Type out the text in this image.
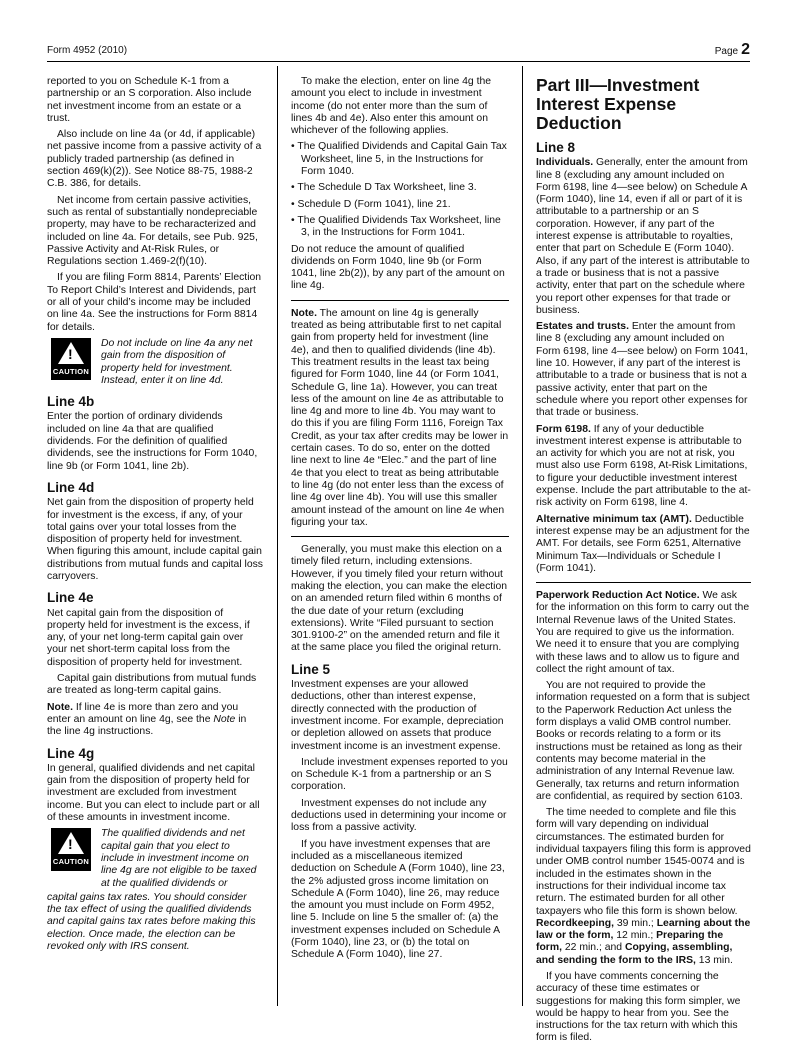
Form 4952 (2010)	Page 2

reported to you on Schedule K-1 from a partnership or an S corporation. Also include net investment income from an estate or a trust.

Also include on line 4a (or 4d, if applicable) net passive income from a passive activity of a publicly traded partnership (as defined in section 469(k)(2)). See Notice 88-75, 1988-2 C.B. 386, for details.

Net income from certain passive activities, such as rental of substantially nondepreciable property, may have to be recharacterized and included on line 4a. For details, see Pub. 925, Passive Activity and At-Risk Rules, or Regulations section 1.469-2(f)(10).

If you are filing Form 8814, Parents’ Election To Report Child’s Interest and Dividends, part or all of your child’s income may be included on line 4a. See the instructions for Form 8814 for details.

!
CAUTION
Do not include on line 4a any net gain from the disposition of property held for investment. Instead, enter it on line 4d.
Line 4b

Enter the portion of ordinary dividends included on line 4a that are qualified dividends. For the definition of qualified dividends, see the instructions for Form 1040, line 9b (or Form 1041, line 2b).

Line 4d

Net gain from the disposition of property held for investment is the excess, if any, of your total gains over your total losses from the disposition of property held for investment. When figuring this amount, include capital gain distributions from mutual funds and capital loss carryovers.

Line 4e

Net capital gain from the disposition of property held for investment is the excess, if any, of your net long-term capital gain over your net short-term capital loss from the disposition of property held for investment.

Capital gain distributions from mutual funds are treated as long-term capital gains.

Note. If line 4e is more than zero and you enter an amount on line 4g, see the Note in the line 4g instructions.

Line 4g

In general, qualified dividends and net capital gain from the disposition of property held for investment are excluded from investment income. But you can elect to include part or all of these amounts in investment income.

!
CAUTION
The qualified dividends and net capital gain that you elect to include in investment income on line 4g are not eligible to be taxed at the qualified dividends or

capital gains tax rates. You should consider the tax effect of using the qualified dividends and capital gains tax rates before making this election. Once made, the election can be revoked only with IRS consent.

To make the election, enter on line 4g the amount you elect to include in investment income (do not enter more than the sum of lines 4b and 4e). Also enter this amount on whichever of the following applies.

• The Qualified Dividends and Capital Gain Tax Worksheet, line 5, in the Instructions for Form 1040.
• The Schedule D Tax Worksheet, line 3.
• Schedule D (Form 1041), line 21.
• The Qualified Dividends Tax Worksheet, line 3, in the Instructions for Form 1041.

Do not reduce the amount of qualified dividends on Form 1040, line 9b (or Form 1041, line 2b(2)), by any part of the amount on line 4g.

Note. The amount on line 4g is generally treated as being attributable first to net capital gain from property held for investment (line 4e), and then to qualified dividends (line 4b). This treatment results in the least tax being figured for Form 1040, line 44 (or Form 1041, Schedule G, line 1a). However, you can treat less of the amount on line 4e as attributable to line 4g and more to line 4b. You may want to do this if you are filing Form 1116, Foreign Tax Credit, as your tax after credits may be lower in certain cases. To do so, enter on the dotted line next to line 4e “Elec.” and the part of line 4e that you elect to treat as being attributable to line 4g (do not enter less than the excess of line 4g over line 4b). You will use this smaller amount instead of the amount on line 4e when figuring your tax.

Generally, you must make this election on a timely filed return, including extensions. However, if you timely filed your return without making the election, you can make the election on an amended return filed within 6 months of the due date of your return (excluding extensions). Write “Filed pursuant to section 301.9100-2” on the amended return and file it at the same place you filed the original return.

Line 5

Investment expenses are your allowed deductions, other than interest expense, directly connected with the production of investment income. For example, depreciation or depletion allowed on assets that produce investment income is an investment expense.

Include investment expenses reported to you on Schedule K-1 from a partnership or an S corporation.

Investment expenses do not include any deductions used in determining your income or loss from a passive activity.

If you have investment expenses that are included as a miscellaneous itemized deduction on Schedule A (Form 1040), line 23, the 2% adjusted gross income limitation on Schedule A (Form 1040), line 26, may reduce the amount you must include on Form 4952, line 5. Include on line 5 the smaller of: (a) the investment expenses included on Schedule A (Form 1040), line 23, or (b) the total on Schedule A (Form 1040), line 27.

Part III—Investment Interest Expense Deduction
Line 8

Individuals. Generally, enter the amount from line 8 (excluding any amount included on Form 6198, line 4—see below) on Schedule A (Form 1040), line 14, even if all or part of it is attributable to a partnership or an S corporation. However, if any part of the interest expense is attributable to royalties, enter that part on Schedule E (Form 1040). Also, if any part of the interest is attributable to a trade or business that is not a passive activity, enter that part on the schedule where you report other expenses for that trade or business.

Estates and trusts. Enter the amount from line 8 (excluding any amount included on Form 6198, line 4—see below) on Form 1041, line 10. However, if any part of the interest is attributable to a trade or business that is not a passive activity, enter that part on the schedule where you report other expenses for that trade or business.

Form 6198. If any of your deductible investment interest expense is attributable to an activity for which you are not at risk, you must also use Form 6198, At-Risk Limitations, to figure your deductible investment interest expense. Include the part attributable to the at-risk activity on Form 6198, line 4.

Alternative minimum tax (AMT). Deductible interest expense may be an adjustment for the AMT. For details, see Form 6251, Alternative Minimum Tax—Individuals or Schedule I (Form 1041).

Paperwork Reduction Act Notice. We ask for the information on this form to carry out the Internal Revenue laws of the United States. You are required to give us the information. We need it to ensure that you are complying with these laws and to allow us to figure and collect the right amount of tax.

You are not required to provide the information requested on a form that is subject to the Paperwork Reduction Act unless the form displays a valid OMB control number. Books or records relating to a form or its instructions must be retained as long as their contents may become material in the administration of any Internal Revenue law. Generally, tax returns and return information are confidential, as required by section 6103.

The time needed to complete and file this form will vary depending on individual circumstances. The estimated burden for individual taxpayers filing this form is approved under OMB control number 1545-0074 and is included in the estimates shown in the instructions for their individual income tax return. The estimated burden for all other taxpayers who file this form is shown below. Recordkeeping, 39 min.; Learning about the law or the form, 12 min.; Preparing the form, 22 min.; and Copying, assembling, and sending the form to the IRS, 13 min.

If you have comments concerning the accuracy of these time estimates or suggestions for making this form simpler, we would be happy to hear from you. See the instructions for the tax return with which this form is filed.
